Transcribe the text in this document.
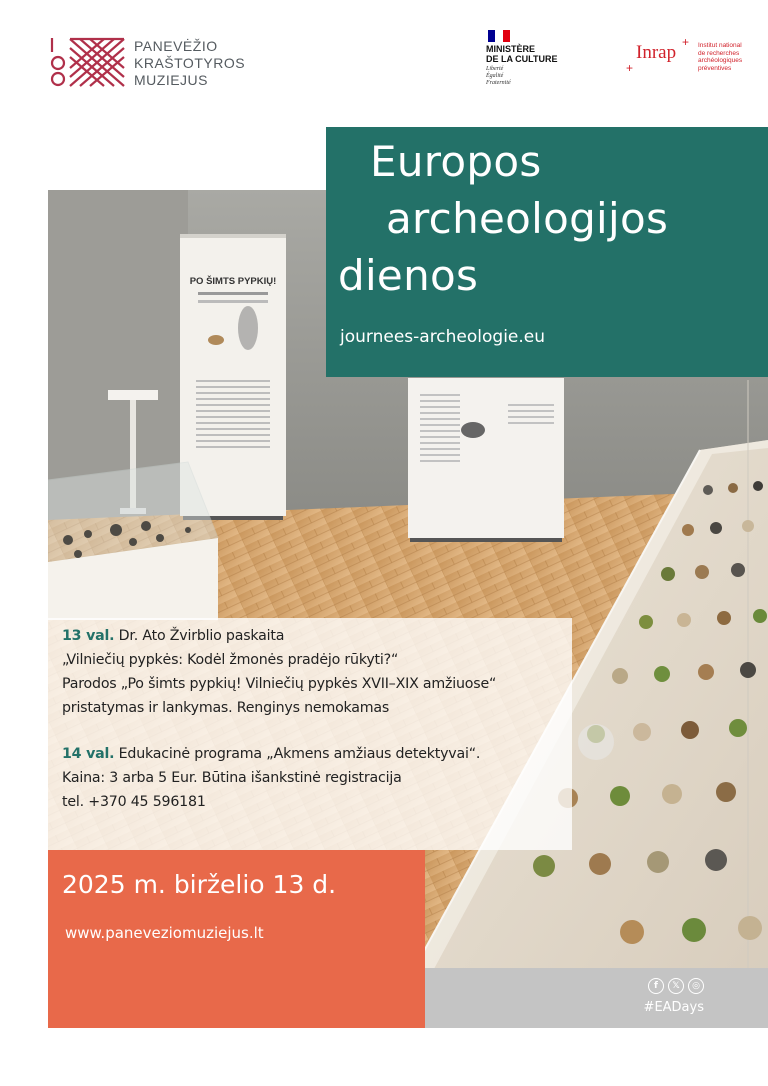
PANEVĖŽIO
KRAŠTOTYROS
MUZIEJUS
MINISTÈRE
DE LA CULTURE
Liberté
Égalité
Fraternité
+
+
Inrap	Institut national
de recherches
archéologiques
préventives
PO ŠIMTS PYPKIŲ!
Europos
archeologijos
dienos
journees-archeologie.eu
13 val. Dr. Ato Žvirblio paskaita
„Vilniečių pypkės: Kodėl žmonės pradėjo rūkyti?“
Parodos „Po šimts pypkių! Vilniečių pypkės XVII–XIX amžiuose“
pristatymas ir lankymas. Renginys nemokamas
14 val. Edukacinė programa „Akmens amžiaus detektyvai“.
Kaina: 3 arba 5 Eur. Būtina išankstinė registracija
tel. +370 45 596181
2025 m. birželio 13 d.
www.paneveziomuziejus.lt
f	𝕏	◎
#EADays
